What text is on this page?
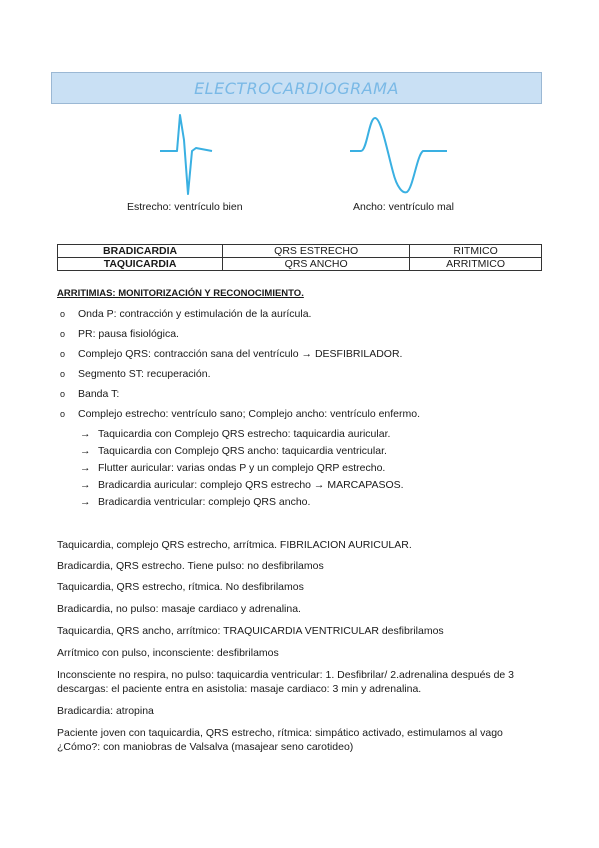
ELECTROCARDIOGRAMA
Estrecho: ventrículo bien	Ancho: ventrículo mal
BRADICARDIA	QRS ESTRECHO	RITMICO
TAQUICARDIA	QRS ANCHO	ARRITMICO
ARRITIMIAS: MONITORIZACIÓN Y RECONOCIMIENTO.
o Onda P: contracción y estimulación de la aurícula.
o PR: pausa fisiológica.
o Complejo QRS: contracción sana del ventrículo → DESFIBRILADOR.
o Segmento ST: recuperación.
o Banda T:
o Complejo estrecho: ventrículo sano; Complejo ancho: ventrículo enfermo.
→ Taquicardia con Complejo QRS estrecho: taquicardia auricular.
→ Taquicardia con Complejo QRS ancho: taquicardia ventricular.
→ Flutter auricular: varias ondas P y un complejo QRP estrecho.
→ Bradicardia auricular: complejo QRS estrecho → MARCAPASOS.
→ Bradicardia ventricular: complejo QRS ancho.
Taquicardia, complejo QRS estrecho, arrítmica. FIBRILACION AURICULAR.
Bradicardia, QRS estrecho. Tiene pulso: no desfibrilamos
Taquicardia, QRS estrecho, rítmica. No desfibrilamos
Bradicardia, no pulso: masaje cardiaco y adrenalina.
Taquicardia, QRS ancho, arrítmico: TRAQUICARDIA VENTRICULAR desfibrilamos
Arrítmico con pulso, inconsciente: desfibrilamos
Inconsciente no respira, no pulso: taquicardia ventricular: 1. Desfibrilar/ 2.adrenalina después de 3 descargas: el paciente entra en asistolia: masaje cardiaco: 3 min y adrenalina.
Bradicardia: atropina
Paciente joven con taquicardia, QRS estrecho, rítmica: simpático activado, estimulamos al vago ¿Cómo?: con maniobras de Valsalva (masajear seno carotideo)
